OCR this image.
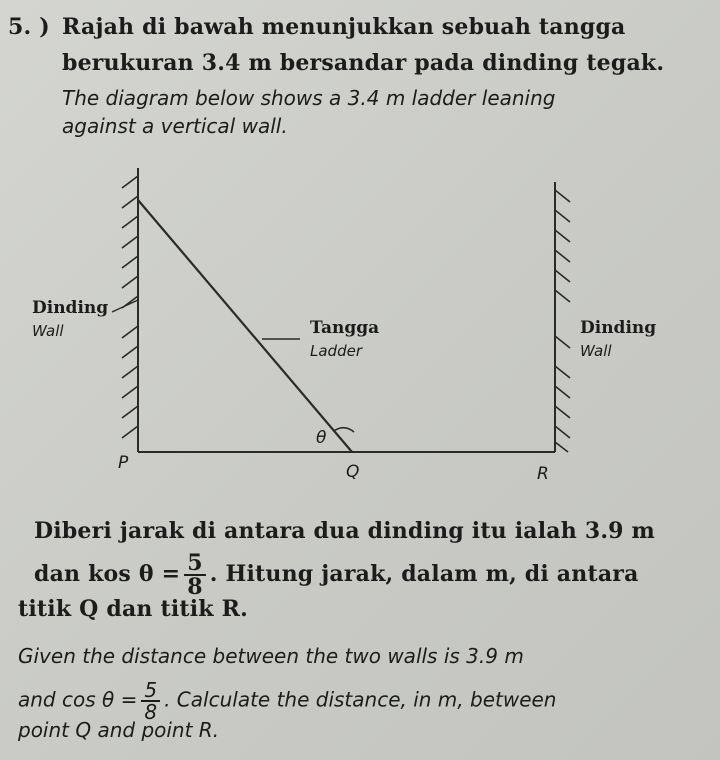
5. ) Rajah di bawah menunjukkan sebuah tangga
berukuran 3.4 m bersandar pada dinding tegak.
The diagram below shows a 3.4 m ladder leaning
against a vertical wall.
Dinding
Wall	Tangga
Ladder
Dinding
Wall
θ
P	Q	R
Diberi jarak di antara dua dinding itu ialah 3.9 m
dan kos $\theta = \frac{5}{8}$ . Hitung jarak, dalam m, di antara
titik Q dan titik R.
Given the distance between the two walls is 3.9 m
and $\cos \theta = \frac{5}{8}$ . Calculate the distance, in m, between
point Q and point R.
